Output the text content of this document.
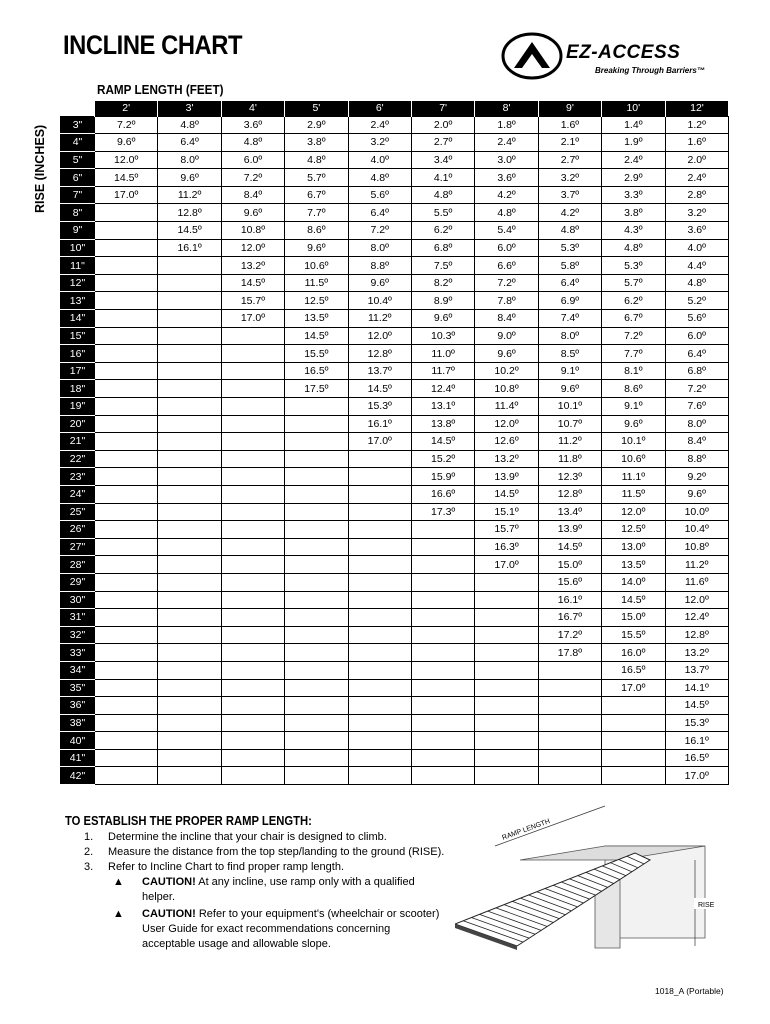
INCLINE CHART	EZ-ACCESS
Breaking Through Barriers™
RAMP LENGTH (FEET)
RISE (INCHES)
	2'	3'	4'	5'	6'	7'	8'	9'	10'	12'
3"	7.2º	4.8º	3.6º	2.9º	2.4º	2.0º	1.8º	1.6º	1.4º	1.2º
4"	9.6º	6.4º	4.8º	3.8º	3.2º	2.7º	2.4º	2.1º	1.9º	1.6º
5"	12.0º	8.0º	6.0º	4.8º	4.0º	3.4º	3.0º	2.7º	2.4º	2.0º
6"	14.5º	9.6º	7.2º	5.7º	4.8º	4.1º	3.6º	3.2º	2.9º	2.4º
7"	17.0º	11.2º	8.4º	6.7º	5.6º	4.8º	4.2º	3.7º	3.3º	2.8º
8"		12.8º	9.6º	7.7º	6.4º	5.5º	4.8º	4.2º	3.8º	3.2º
9"		14.5º	10.8º	8.6º	7.2º	6.2º	5.4º	4.8º	4.3º	3.6º
10"		16.1º	12.0º	9.6º	8.0º	6.8º	6.0º	5.3º	4.8º	4.0º
11"			13.2º	10.6º	8.8º	7.5º	6.6º	5.8º	5.3º	4.4º
12"			14.5º	11.5º	9.6º	8.2º	7.2º	6.4º	5.7º	4.8º
13"			15.7º	12.5º	10.4º	8.9º	7.8º	6.9º	6.2º	5.2º
14"			17.0º	13.5º	11.2º	9.6º	8.4º	7.4º	6.7º	5.6º
15"				14.5º	12.0º	10.3º	9.0º	8.0º	7.2º	6.0º
16"				15.5º	12.8º	11.0º	9.6º	8.5º	7.7º	6.4º
17"				16.5º	13.7º	11.7º	10.2º	9.1º	8.1º	6.8º
18"				17.5º	14.5º	12.4º	10.8º	9.6º	8.6º	7.2º
19"					15.3º	13.1º	11.4º	10.1º	9.1º	7.6º
20"					16.1º	13.8º	12.0º	10.7º	9.6º	8.0º
21"					17.0º	14.5º	12.6º	11.2º	10.1º	8.4º
22"						15.2º	13.2º	11.8º	10.6º	8.8º
23"						15.9º	13.9º	12.3º	11.1º	9.2º
24"						16.6º	14.5º	12.8º	11.5º	9.6º
25"						17.3º	15.1º	13.4º	12.0º	10.0º
26"							15.7º	13.9º	12.5º	10.4º
27"							16.3º	14.5º	13.0º	10.8º
28"							17.0º	15.0º	13.5º	11.2º
29"								15.6º	14.0º	11.6º
30"								16.1º	14.5º	12.0º
31"								16.7º	15.0º	12.4º
32"								17.2º	15.5º	12.8º
33"								17.8º	16.0º	13.2º
34"									16.5º	13.7º
35"									17.0º	14.1º
36"										14.5º
38"										15.3º
40"										16.1º
41"										16.5º
42"										17.0º
TO ESTABLISH THE PROPER RAMP LENGTH:
1.	Determine the incline that your chair is designed to climb.
2.	Measure the distance from the top step/landing to the ground (RISE).
3.	Refer to Incline Chart to find proper ramp length.
▲	CAUTION! At any incline, use ramp only with a qualified helper.
▲	CAUTION! Refer to your equipment's (wheelchair or scooter) User Guide for exact recommendations concerning acceptable usage and allowable slope.
RAMP LENGTH
RISE
1018_A (Portable)
